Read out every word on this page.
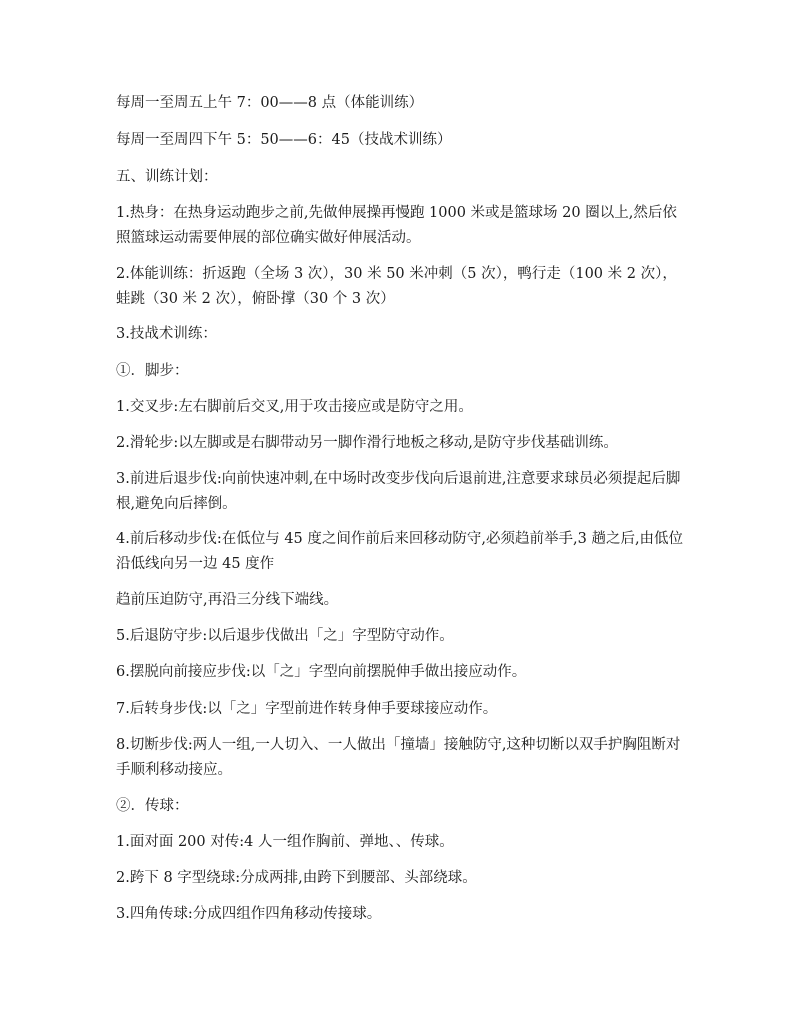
每周一至周五上午 7：00——8 点（体能训练）

每周一至周四下午 5：50——6：45（技战术训练）

五、训练计划：

1.热身：在热身运动跑步之前,先做伸展操再慢跑 1000 米或是篮球场 20 圈以上,然后依照篮球运动需要伸展的部位确实做好伸展活动。

2.体能训练：折返跑（全场 3 次），30 米 50 米冲刺（5 次），鸭行走（100 米 2 次），蛙跳（30 米 2 次），俯卧撑（30 个 3 次）

3.技战术训练：

①．脚步：

1.交叉步:左右脚前后交叉,用于攻击接应或是防守之用。

2.滑轮步:以左脚或是右脚带动另一脚作滑行地板之移动,是防守步伐基础训练。

3.前进后退步伐:向前快速冲刺,在中场时改变步伐向后退前进,注意要求球员必须提起后脚根,避免向后摔倒。

4.前后移动步伐:在低位与 45 度之间作前后来回移动防守,必须趋前举手,3 趟之后,由低位沿低线向另一边 45 度作

趋前压迫防守,再沿三分线下端线。

5.后退防守步:以后退步伐做出「之」字型防守动作。

6.摆脱向前接应步伐:以「之」字型向前摆脱伸手做出接应动作。

7.后转身步伐:以「之」字型前进作转身伸手要球接应动作。

8.切断步伐:两人一组,一人切入、一人做出「撞墙」接触防守,这种切断以双手护胸阻断对手顺利移动接应。

②．传球：

1.面对面 200 对传:4 人一组作胸前、弹地、、传球。

2.跨下 8 字型绕球:分成两排,由跨下到腰部、头部绕球。

3.四角传球:分成四组作四角移动传接球。
